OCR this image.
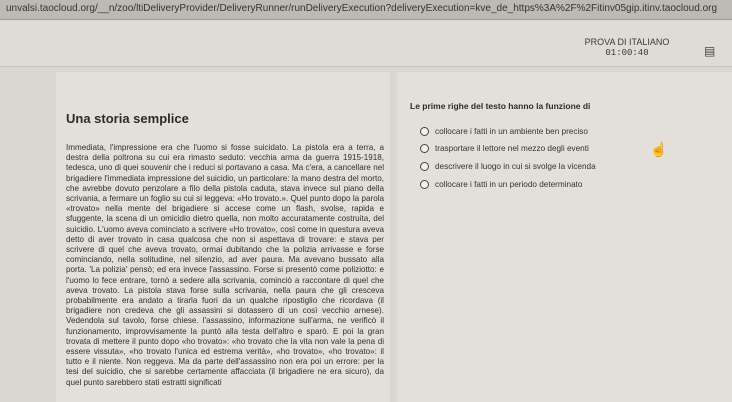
unvalsi.taocloud.org/__n/zoo/ltiDeliveryProvider/DeliveryRunner/runDeliveryExecution?deliveryExecution=kve_de_https%3A%2F%2Fitinv05gip.itinv.taocloud.org
PROVA DI ITALIANO
01:00:40	▤
Una storia semplice
Immediata, l'impressione era che l'uomo si fosse suicidato. La pistola era a terra, a destra della poltrona su cui era rimasto seduto: vecchia arma da guerra 1915-1918, tedesca, uno di quei souvenir che i reduci si portavano a casa. Ma c'era, a cancellare nel brigadiere l'immediata impressione del suicidio, un particolare: la mano destra del morto, che avrebbe dovuto penzolare a filo della pistola caduta, stava invece sul piano della scrivania, a fermare un foglio su cui si leggeva: «Ho trovato.». Quel punto dopo la parola «trovato» nella mente del brigadiere si accese come un flash, svolse, rapida e sfuggente, la scena di un omicidio dietro quella, non molto accuratamente costruita, del suicidio. L'uomo aveva cominciato a scrivere «Ho trovato», così come in questura aveva detto di aver trovato in casa qualcosa che non si aspettava di trovare: e stava per scrivere di quel che aveva trovato, ormai dubitando che la polizia arrivasse e forse cominciando, nella solitudine, nel silenzio, ad aver paura. Ma avevano bussato alla porta. 'La polizia' pensò; ed era invece l'assassino. Forse si presentò come poliziotto: e l'uomo lo fece entrare, tornò a sedere alla scrivania, cominciò a raccontare di quel che aveva trovato. La pistola stava forse sulla scrivania, nella paura che gli cresceva probabilmente era andato a tirarla fuori da un qualche ripostiglio che ricordava (il brigadiere non credeva che gli assassini si dotassero di un così vecchio arnese). Vedendola sul tavolo, forse chiese. l'assassino, informazione sull'arma, ne verificò il funzionamento, improvvisamente la puntò alla testa dell'altro e sparò. E poi la gran trovata di mettere il punto dopo «ho trovato»: «ho trovato che la vita non vale la pena di essere vissuta», «ho trovato l'unica ed estrema verità», «ho trovato», «ho trovato»: il tutto e il niente. Non reggeva. Ma da parte dell'assassino non era poi un errore: per la tesi del suicidio, che si sarebbe certamente affacciata (il brigadiere ne era sicuro), da quel punto sarebbero stati estratti significati
Le prime righe del testo hanno la funzione di
collocare i fatti in un ambiente ben preciso
trasportare il lettore nel mezzo degli eventi
descrivere il luogo in cui si svolge la vicenda
collocare i fatti in un periodo determinato
☝
